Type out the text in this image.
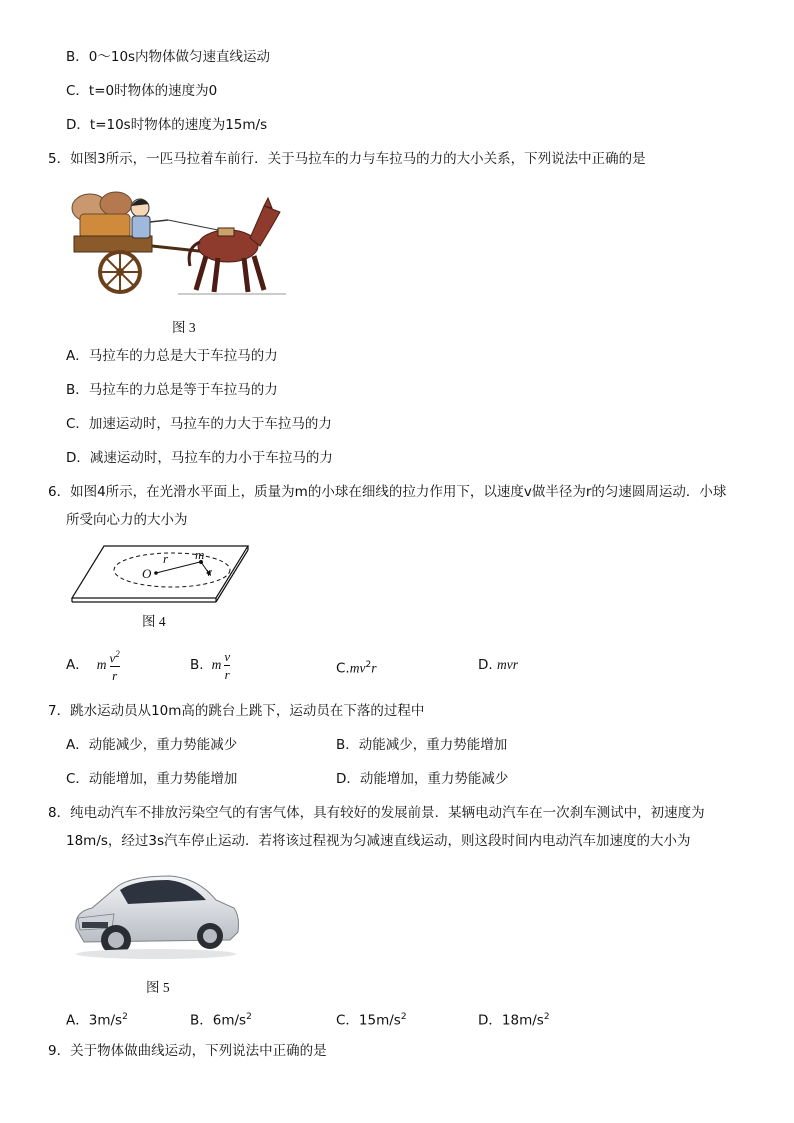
B．0～10s内物体做匀速直线运动
C．t=0时物体的速度为0
D．t=10s时物体的速度为15m/s
5．如图3所示，一匹马拉着车前行．关于马拉车的力与车拉马的力的大小关系，下列说法中正确的是
图 3
A．马拉车的力总是大于车拉马的力
B．马拉车的力总是等于车拉马的力
C．加速运动时，马拉车的力大于车拉马的力
D．减速运动时，马拉车的力小于车拉马的力
6．如图4所示，在光滑水平面上，质量为m的小球在细线的拉力作用下，以速度v做半径为r的匀速圆周运动．小球
所受向心力的大小为
m
r
O	v
图 4
A． m $\frac{v^2}{r}$	B. m $\frac{v}{r}$	$C.mv^2r$	D. mvr
7．跳水运动员从10m高的跳台上跳下，运动员在下落的过程中
A．动能减少，重力势能减少	B．动能减少，重力势能增加
C．动能增加，重力势能增加	D．动能增加，重力势能减少
8．纯电动汽车不排放污染空气的有害气体，具有较好的发展前景．某辆电动汽车在一次刹车测试中，初速度为
18m/s，经过3s汽车停止运动．若将该过程视为匀减速直线运动，则这段时间内电动汽车加速度的大小为
图 5
A．$3m/s^2$	B．$6m/s^2$	C．$15m/s^2$	D．$18m/s^2$
9．关于物体做曲线运动，下列说法中正确的是
